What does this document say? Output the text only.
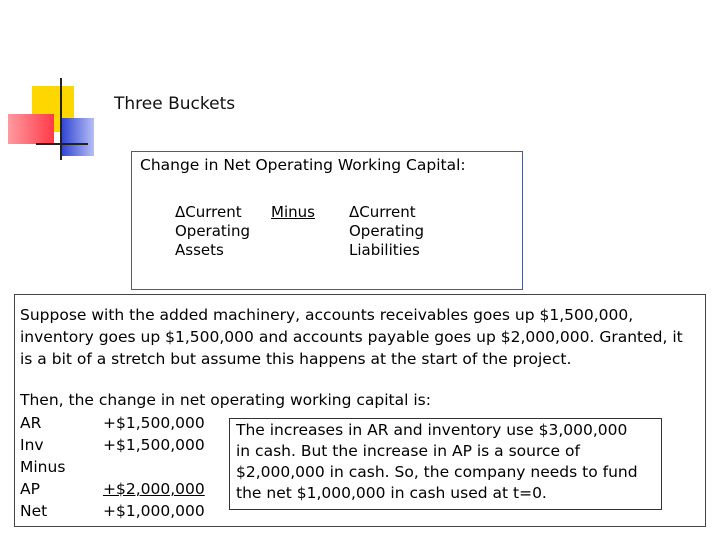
Three Buckets
Change in Net Operating Working Capital:
ΔCurrent
Operating
Assets
Minus ΔCurrent
Operating
Liabilities
Suppose with the added machinery, accounts receivables goes up $1,500,000,
inventory goes up $1,500,000 and accounts payable goes up $2,000,000. Granted, it
is a bit of a stretch but assume this happens at the start of the project.
Then, the change in net operating working capital is:
AR	+$1,500,000
Inv	+$1,500,000
Minus
AP	+$2,000,000
Net	+$1,000,000
The increases in AR and inventory use $3,000,000
in cash. But the increase in AP is a source of
$2,000,000 in cash. So, the company needs to fund
the net $1,000,000 in cash used at t=0.
